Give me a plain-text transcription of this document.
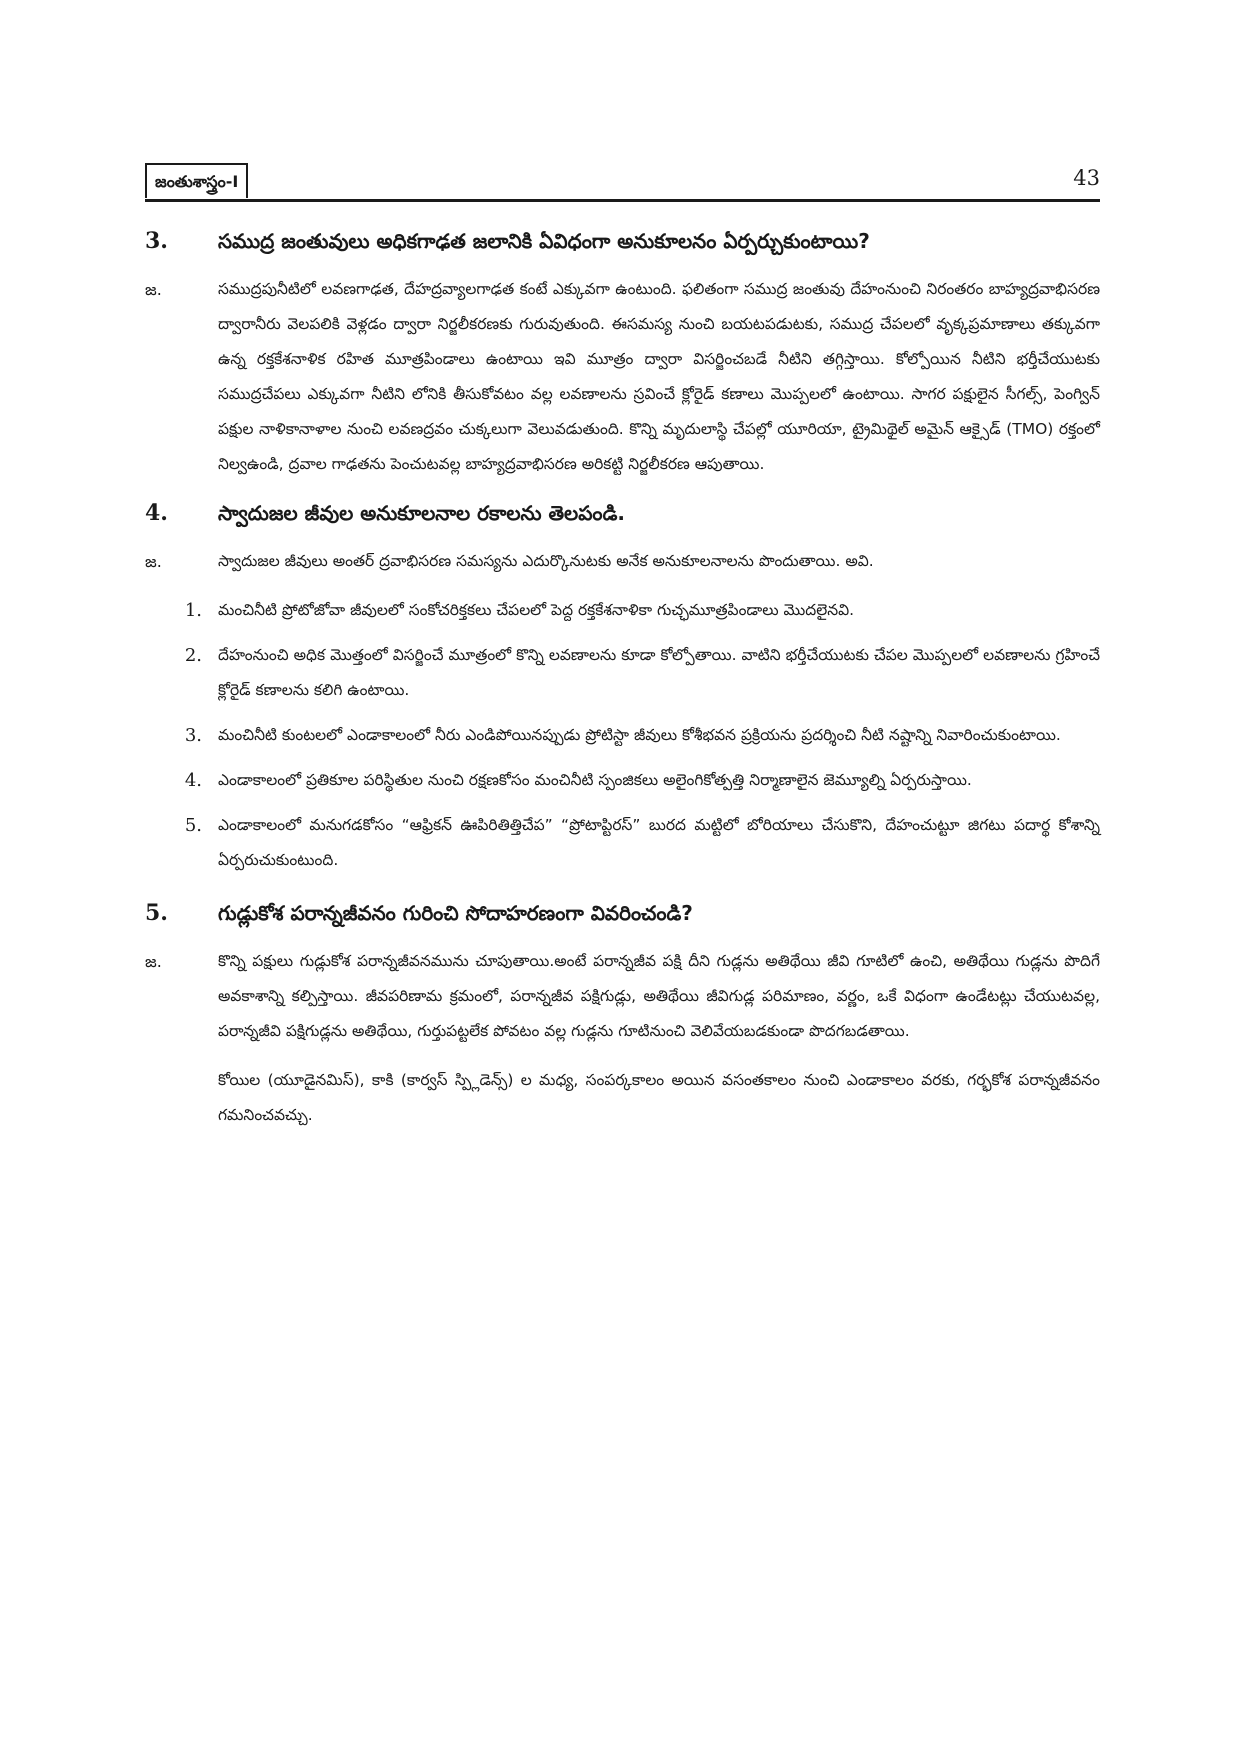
జంతుశాస్త్రం-I	43
3.	సముద్ర జంతువులు అధికగాఢత జలానికి ఏవిధంగా అనుకూలనం ఏర్పర్చుకుంటాయి?
జ.	సముద్రపునీటిలో లవణగాఢత, దేహద్రవ్యాలగాఢత కంటే ఎక్కువగా ఉంటుంది. ఫలితంగా సముద్ర జంతువు దేహంనుంచి నిరంతరం బాహ్యద్రవాభిసరణ ద్వారానీరు వెలపలికి వెళ్లడం ద్వారా నిర్జలీకరణకు గురువుతుంది. ఈసమస్య నుంచి బయటపడుటకు, సముద్ర చేపలలో వృక్కప్రమాణాలు తక్కువగా ఉన్న రక్తకేశనాళిక రహిత మూత్రపిండాలు ఉంటాయి ఇవి మూత్రం ద్వారా విసర్జించబడే నీటిని తగ్గిస్తాయి. కోల్పోయిన నీటిని భర్తీచేయుటకు సముద్రచేపలు ఎక్కువగా నీటిని లోనికి తీసుకోవటం వల్ల లవణాలను స్రవించే క్లోరైడ్ కణాలు మొప్పలలో ఉంటాయి. సాగర పక్షులైన సీగల్స్, పెంగ్విన్ పక్షుల నాళికానాళాల నుంచి లవణద్రవం చుక్కలుగా వెలువడుతుంది. కొన్ని మృదులాస్థి చేపల్లో యూరియా, ట్రైమిథైల్ అమైన్ ఆక్సైడ్ (TMO) రక్తంలో నిల్వఉండి, ద్రవాల గాఢతను పెంచుటవల్ల బాహ్యద్రవాభిసరణ అరికట్టి నిర్జలీకరణ ఆపుతాయి.
4.	స్వాదుజల జీవుల అనుకూలనాల రకాలను తెలపండి.
జ.	స్వాదుజల జీవులు అంతర్ ద్రవాభిసరణ సమస్యను ఎదుర్కొనుటకు అనేక అనుకూలనాలను పొందుతాయి. అవి.
1.	మంచినీటి ప్రోటోజోవా జీవులలో సంకోచరిక్తకలు చేపలలో పెద్ద రక్తకేశనాళికా గుచ్ఛమూత్రపిండాలు మొదలైనవి.
2.	దేహంనుంచి అధిక మొత్తంలో విసర్జించే మూత్రంలో కొన్ని లవణాలను కూడా కోల్పోతాయి. వాటిని భర్తీచేయుటకు చేపల మొప్పలలో లవణాలను గ్రహించే క్లోరైడ్ కణాలను కలిగి ఉంటాయి.
3.	మంచినీటి కుంటలలో ఎండాకాలంలో నీరు ఎండిపోయినప్పుడు ప్రోటిస్టా జీవులు కోశీభవన ప్రక్రియను ప్రదర్శించి నీటి నష్టాన్ని నివారించుకుంటాయి.
4.	ఎండాకాలంలో ప్రతికూల పరిస్థితుల నుంచి రక్షణకోసం మంచినీటి స్పంజికలు అలైంగికోత్పత్తి నిర్మాణాలైన జెమ్యూల్ని ఏర్పరుస్తాయి.
5.	ఎండాకాలంలో మనుగడకోసం “ఆఫ్రికన్ ఊపిరితిత్తిచేప” “ప్రోటాప్టిరస్” బురద మట్టిలో బోరియాలు చేసుకొని, దేహంచుట్టూ జిగటు పదార్థ కోశాన్ని ఏర్పరుచుకుంటుంది.
5.	గుడ్లుకోశ పరాన్నజీవనం గురించి సోదాహరణంగా వివరించండి?
జ.	కొన్ని పక్షులు గుడ్లుకోశ పరాన్నజీవనమును చూపుతాయి.అంటే పరాన్నజీవ పక్షి దీని గుడ్లను అతిథేయి జీవి గూటిలో ఉంచి, అతిథేయి గుడ్లను పొదిగే అవకాశాన్ని కల్పిస్తాయి. జీవపరిణామ క్రమంలో, పరాన్నజీవ పక్షిగుడ్లు, అతిథేయి జీవిగుడ్ల పరిమాణం, వర్ణం, ఒకే విధంగా ఉండేటట్లు చేయుటవల్ల, పరాన్నజీవి పక్షిగుడ్లను అతిథేయి, గుర్తుపట్టలేక పోవటం వల్ల గుడ్లను గూటినుంచి వెలివేయబడకుండా పొదగబడతాయి.

కోయిల (యూడైనమిస్), కాకి (కార్వస్ స్ప్లిడెన్స్) ల మధ్య, సంపర్కకాలం అయిన వసంతకాలం నుంచి ఎండాకాలం వరకు, గర్భకోశ పరాన్నజీవనం గమనించవచ్చు.
